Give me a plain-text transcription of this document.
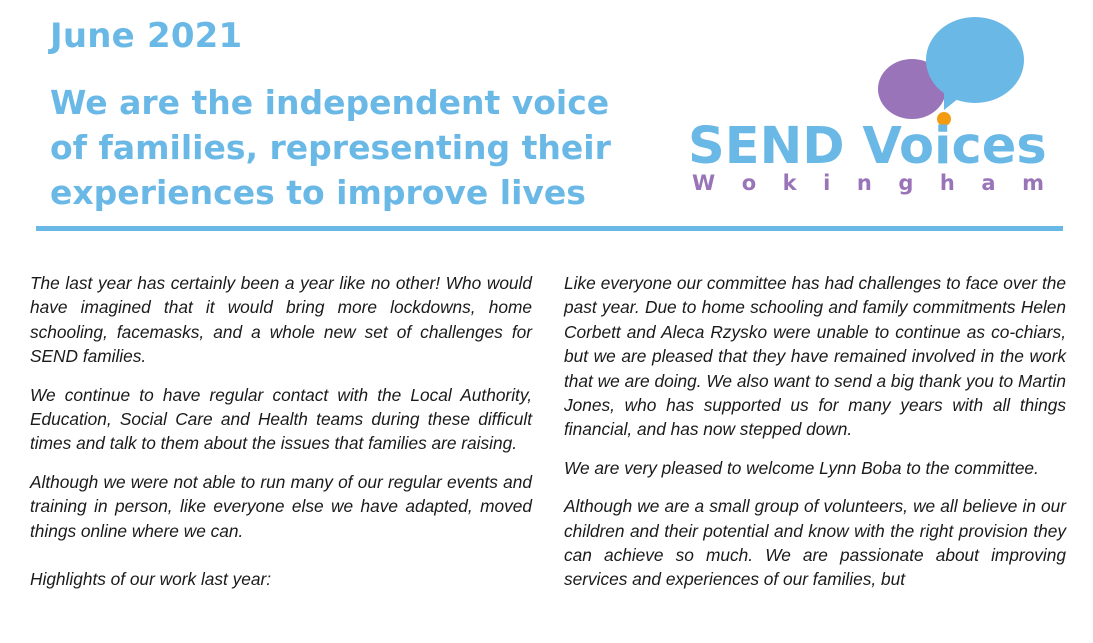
June 2021
We are the independent voice of families, representing their experiences to improve lives
SEND Voices
W o k i n g h a m

The last year has certainly been a year like no other! Who would have imagined that it would bring more lockdowns, home schooling, facemasks, and a whole new set of challenges for SEND families.

We continue to have regular contact with the Local Authority, Education, Social Care and Health teams during these difficult times and talk to them about the issues that families are raising.

Although we were not able to run many of our regular events and training in person, like everyone else we have adapted, moved things online where we can.

Highlights of our work last year:

Like everyone our committee has had challenges to face over the past year. Due to home schooling and family commitments Helen Corbett and Aleca Rzysko were unable to continue as co-chiars, but we are pleased that they have remained involved in the work that we are doing. We also want to send a big thank you to Martin Jones, who has supported us for many years with all things financial, and has now stepped down.

We are very pleased to welcome Lynn Boba to the committee.

Although we are a small group of volunteers, we all believe in our children and their potential and know with the right provision they can achieve so much. We are passionate about improving services and experiences of our families, but
